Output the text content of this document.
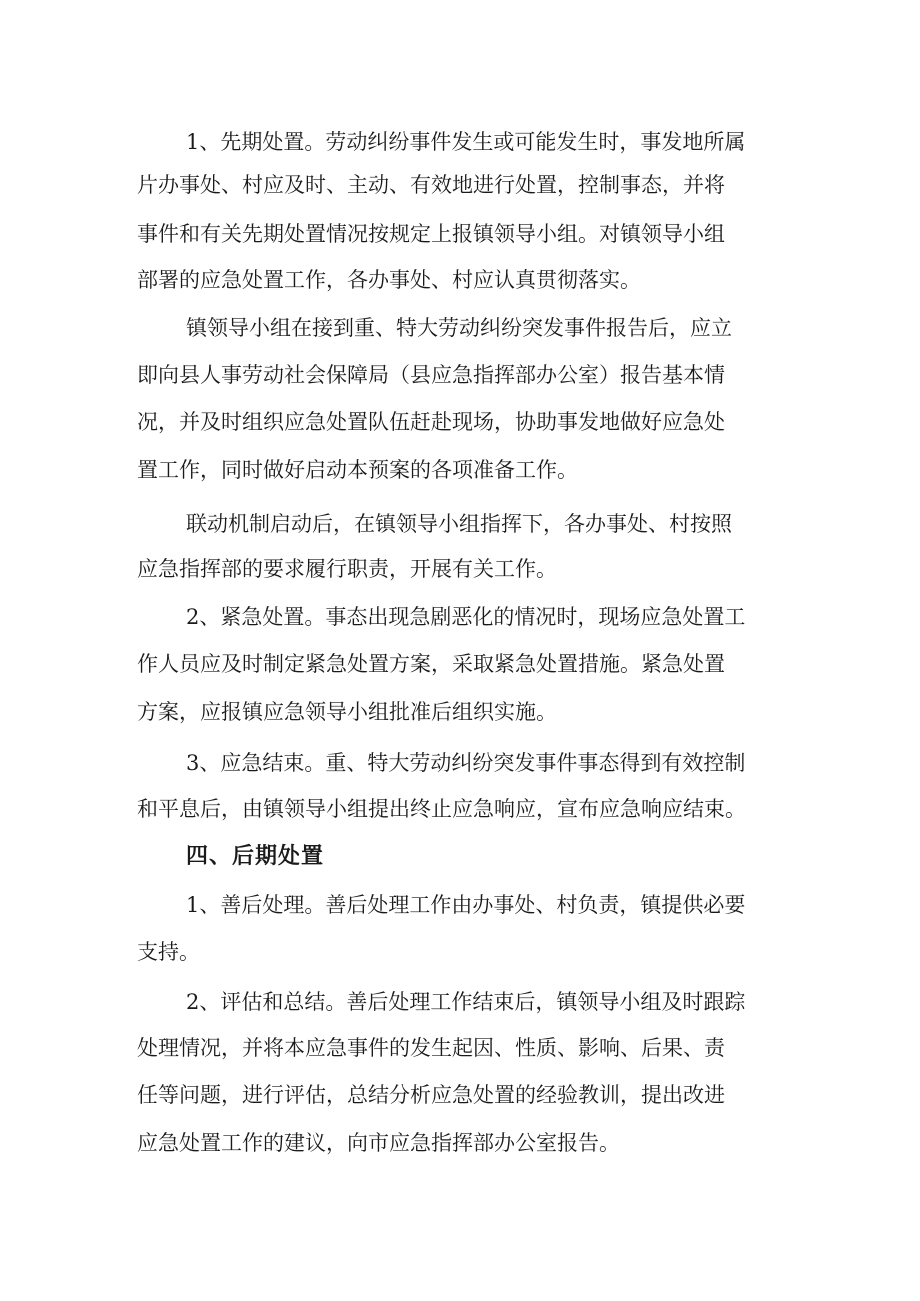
1、先期处置。劳动纠纷事件发生或可能发生时，事发地所属
片办事处、村应及时、主动、有效地进行处置，控制事态，并将
事件和有关先期处置情况按规定上报镇领导小组。对镇领导小组
部署的应急处置工作，各办事处、村应认真贯彻落实。
镇领导小组在接到重、特大劳动纠纷突发事件报告后，应立
即向县人事劳动社会保障局（县应急指挥部办公室）报告基本情
况，并及时组织应急处置队伍赶赴现场，协助事发地做好应急处
置工作，同时做好启动本预案的各项准备工作。
联动机制启动后，在镇领导小组指挥下，各办事处、村按照
应急指挥部的要求履行职责，开展有关工作。
2、紧急处置。事态出现急剧恶化的情况时，现场应急处置工
作人员应及时制定紧急处置方案，采取紧急处置措施。紧急处置
方案，应报镇应急领导小组批准后组织实施。
3、应急结束。重、特大劳动纠纷突发事件事态得到有效控制
和平息后，由镇领导小组提出终止应急响应，宣布应急响应结束。
四、后期处置
1、善后处理。善后处理工作由办事处、村负责，镇提供必要
支持。
2、评估和总结。善后处理工作结束后，镇领导小组及时跟踪
处理情况，并将本应急事件的发生起因、性质、影响、后果、责
任等问题，进行评估，总结分析应急处置的经验教训，提出改进
应急处置工作的建议，向市应急指挥部办公室报告。
